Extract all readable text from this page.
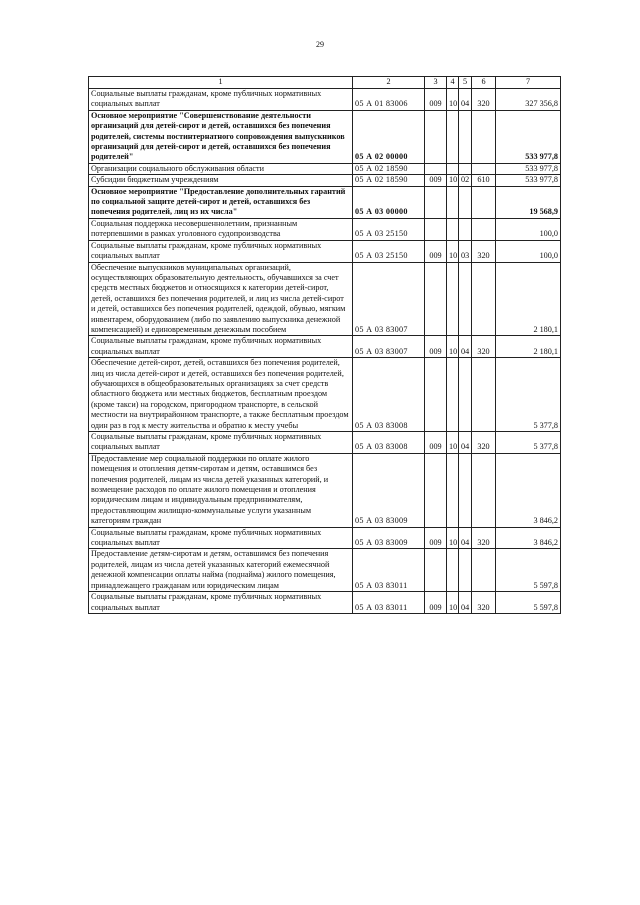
29
1	2	3	4	5	6	7
Социальные выплаты гражданам, кроме публичных нормативных социальных выплат	05 А 01 83006	009	10	04	320	327 356,8
Основное мероприятие "Совершенствование деятельности организаций для детей-сирот и детей, оставшихся без попечения родителей, системы постинтернатного сопровождения выпускников организаций для детей-сирот и детей, оставшихся без попечения родителей"	05 А 02 00000					533 977,8
Организации социального обслуживания области	05 А 02 18590					533 977,8
Субсидии бюджетным учреждениям	05 А 02 18590	009	10	02	610	533 977,8
Основное мероприятие "Предоставление дополнительных гарантий по социальной защите детей-сирот и детей, оставшихся без попечения родителей, лиц из их числа"	05 А 03 00000					19 568,9
Социальная поддержка несовершеннолетним, признанным потерпевшими в рамках уголовного судопроизводства	05 А 03 25150					100,0
Социальные выплаты гражданам, кроме публичных нормативных социальных выплат	05 А 03 25150	009	10	03	320	100,0
Обеспечение выпускников муниципальных организаций, осуществляющих образовательную деятельность, обучавшихся за счет средств местных бюджетов и относящихся к категории детей-сирот, детей, оставшихся без попечения родителей, и лиц из числа детей-сирот и детей, оставшихся без попечения родителей, одеждой, обувью, мягким инвентарем, оборудованием (либо по заявлению выпускника денежной компенсацией) и единовременным денежным пособием	05 А 03 83007					2 180,1
Социальные выплаты гражданам, кроме публичных нормативных социальных выплат	05 А 03 83007	009	10	04	320	2 180,1
Обеспечение детей-сирот, детей, оставшихся без попечения родителей, лиц из числа детей-сирот и детей, оставшихся без попечения родителей, обучающихся в общеобразовательных организациях за счет средств областного бюджета или местных бюджетов, бесплатным проездом (кроме такси) на городском, пригородном транспорте, в сельской местности на внутрирайонном транспорте, а также бесплатным проездом один раз в год к месту жительства и обратно к месту учебы	05 А 03 83008					5 377,8
Социальные выплаты гражданам, кроме публичных нормативных социальных выплат	05 А 03 83008	009	10	04	320	5 377,8
Предоставление мер социальной поддержки по оплате жилого помещения и отопления детям-сиротам и детям, оставшимся без попечения родителей, лицам из числа детей указанных категорий, и возмещение расходов по оплате жилого помещения и отопления юридическим лицам и индивидуальным предпринимателям, предоставляющим жилищно-коммунальные услуги указанным категориям граждан	05 А 03 83009					3 846,2
Социальные выплаты гражданам, кроме публичных нормативных социальных выплат	05 А 03 83009	009	10	04	320	3 846,2
Предоставление детям-сиротам и детям, оставшимся без попечения родителей, лицам из числа детей указанных категорий ежемесячной денежной компенсации оплаты найма (поднайма) жилого помещения, принадлежащего гражданам или юридическим лицам	05 А 03 83011					5 597,8
Социальные выплаты гражданам, кроме публичных нормативных социальных выплат	05 А 03 83011	009	10	04	320	5 597,8
